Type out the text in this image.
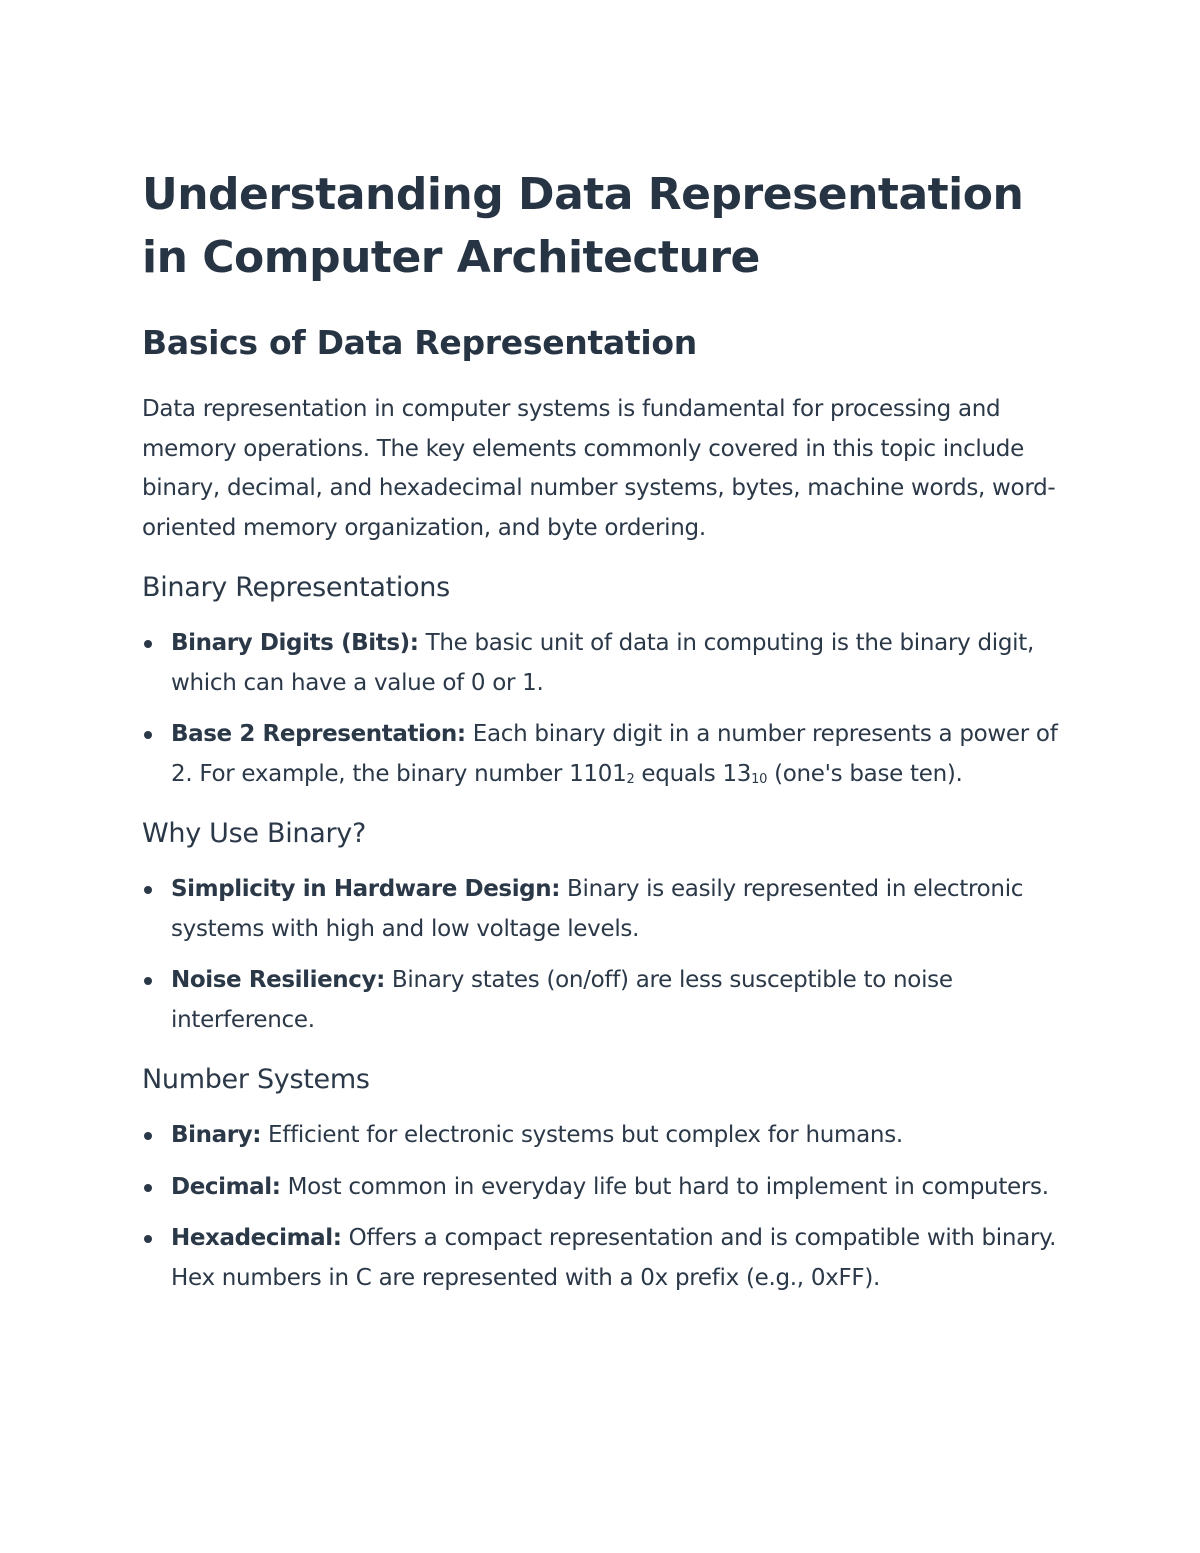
Understanding Data Representation in Computer Architecture
Basics of Data Representation

Data representation in computer systems is fundamental for processing and memory operations. The key elements commonly covered in this topic include binary, decimal, and hexadecimal number systems, bytes, machine words, word-oriented memory organization, and byte ordering.

Binary Representations
Binary Digits (Bits): The basic unit of data in computing is the binary digit, which can have a value of 0 or 1.
Base 2 Representation: Each binary digit in a number represents a power of 2. For example, the binary number $1101_2$ equals $13_{10}$ (one's base ten).
Why Use Binary?
Simplicity in Hardware Design: Binary is easily represented in electronic systems with high and low voltage levels.
Noise Resiliency: Binary states (on/off) are less susceptible to noise interference.
Number Systems
Binary: Efficient for electronic systems but complex for humans.
Decimal: Most common in everyday life but hard to implement in computers.
Hexadecimal: Offers a compact representation and is compatible with binary. Hex numbers in C are represented with a 0x prefix (e.g., 0xFF).
